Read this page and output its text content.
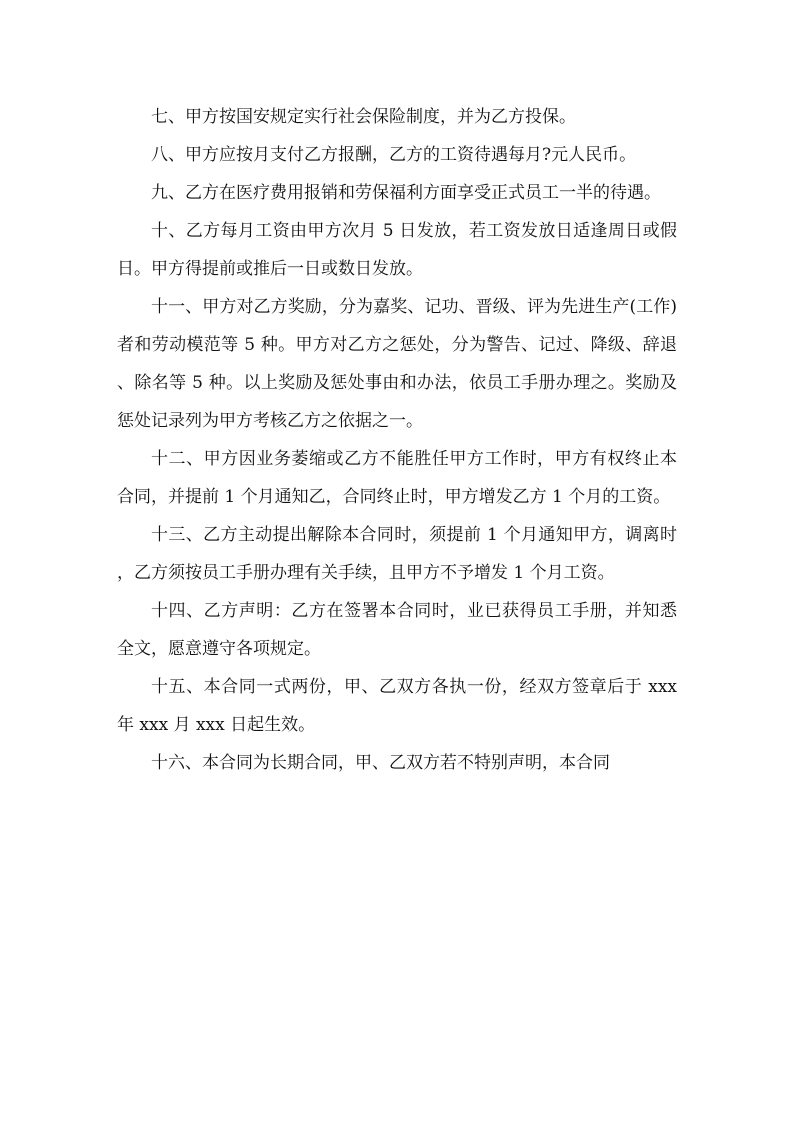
七、甲方按国安规定实行社会保险制度，并为乙方投保。

八、甲方应按月支付乙方报酬，乙方的工资待遇每月?元人民币。

九、乙方在医疗费用报销和劳保福利方面享受正式员工一半的待遇。

十、乙方每月工资由甲方次月 5 日发放，若工资发放日适逢周日或假日。甲方得提前或推后一日或数日发放。

十一、甲方对乙方奖励，分为嘉奖、记功、晋级、评为先进生产(工作)者和劳动模范等 5 种。甲方对乙方之惩处，分为警告、记过、降级、辞退、除名等 5 种。以上奖励及惩处事由和办法，依员工手册办理之。奖励及惩处记录列为甲方考核乙方之依据之一。

十二、甲方因业务萎缩或乙方不能胜任甲方工作时，甲方有权终止本合同，并提前 1 个月通知乙，合同终止时，甲方增发乙方 1 个月的工资。

十三、乙方主动提出解除本合同时，须提前 1 个月通知甲方，调离时，乙方须按员工手册办理有关手续，且甲方不予增发 1 个月工资。

十四、乙方声明：乙方在签署本合同时，业已获得员工手册，并知悉全文，愿意遵守各项规定。

十五、本合同一式两份，甲、乙双方各执一份，经双方签章后于 xxx 年 xxx 月 xxx 日起生效。

十六、本合同为长期合同，甲、乙双方若不特别声明，本合同
